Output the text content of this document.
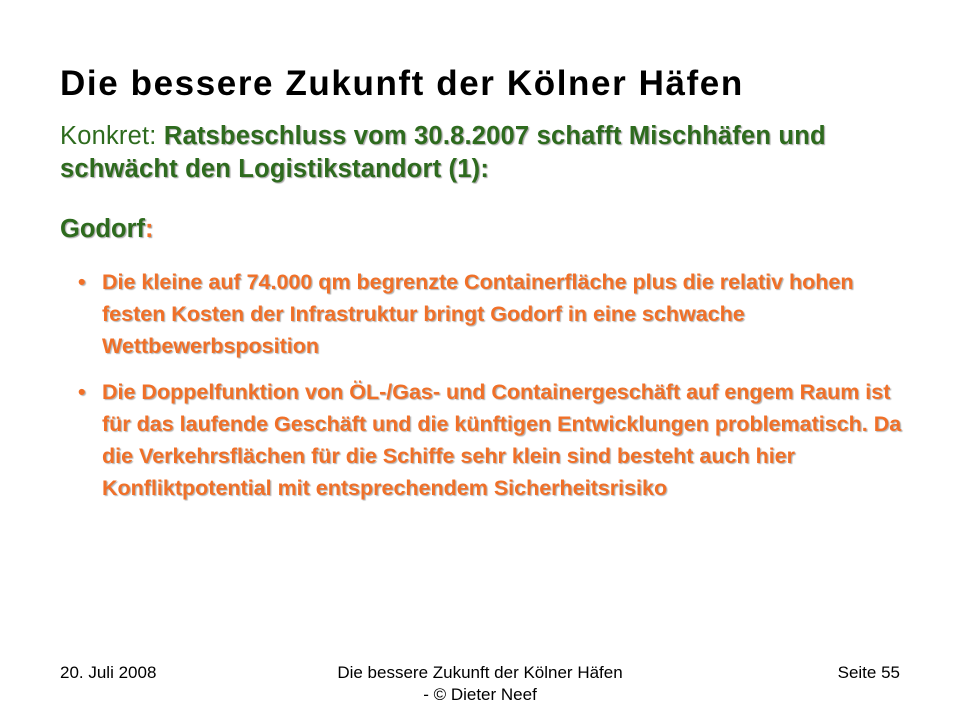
Die bessere Zukunft der Kölner Häfen
Konkret: Ratsbeschluss vom 30.8.2007 schafft Mischhäfen und schwächt den Logistikstandort (1):
Godorf:
• Die kleine auf 74.000 qm begrenzte Containerfläche plus die relativ hohen festen Kosten der Infrastruktur bringt Godorf in eine schwache Wettbewerbsposition
• Die Doppelfunktion von ÖL-/Gas- und Containergeschäft auf engem Raum ist für das laufende Geschäft und die künftigen Entwicklungen problematisch. Da die Verkehrsflächen für die Schiffe sehr klein sind besteht auch hier Konfliktpotential mit entsprechendem Sicherheitsrisiko
20. Juli 2008	Die bessere Zukunft der Kölner Häfen
- © Dieter Neef
Seite 55
